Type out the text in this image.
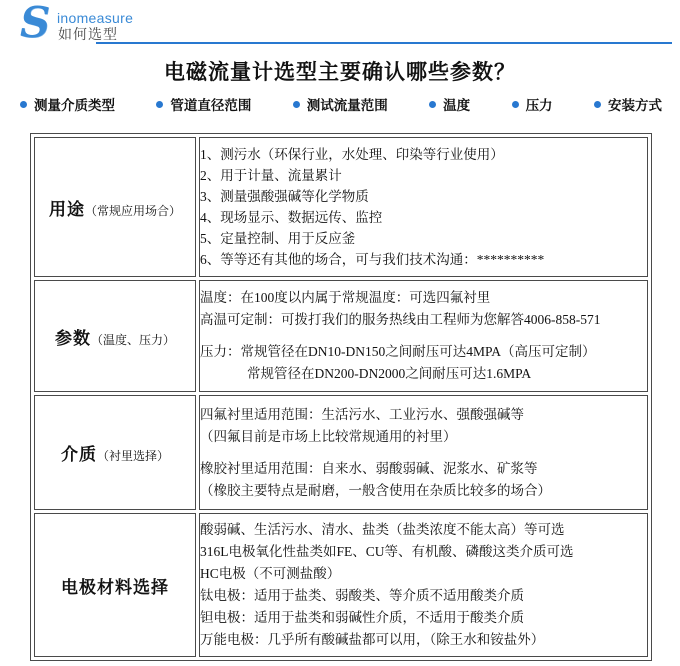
S inomeasure
如何选型
电磁流量计选型主要确认哪些参数？
测量介质类型	管道直径范围	测试流量范围	温度	压力	安装方式
用途（常规应用场合）	
1、测污水（环保行业，水处理、印染等行业使用）
2、用于计量、流量累计
3、测量强酸强碱等化学物质
4、现场显示、数据远传、监控
5、定量控制、用于反应釜
6、等等还有其他的场合，可与我们技术沟通：**********

参数（温度、压力）	温度：在100度以内属于常规温度：可选四氟衬里
高温可定制：可拨打我们的服务热线由工程师为您解答4006-858-571
压力：常规管径在DN10-DN150之间耐压可达4MPA（高压可定制）
常规管径在DN200-DN2000之间耐压可达1.6MPA

介质（衬里选择）	四氟衬里适用范围：生活污水、工业污水、强酸强碱等
（四氟目前是市场上比较常规通用的衬里）
橡胶衬里适用范围：自来水、弱酸弱碱、泥浆水、矿浆等
（橡胶主要特点是耐磨，一般含使用在杂质比较多的场合）

电极材料选择	
酸弱碱、生活污水、清水、盐类（盐类浓度不能太高）等可选
316L电极氧化性盐类如FE、CU等、有机酸、磷酸这类介质可选
HC电极（不可测盐酸）
钛电极：适用于盐类、弱酸类、等介质不适用酸类介质
钽电极：适用于盐类和弱碱性介质，不适用于酸类介质
万能电极：几乎所有酸碱盐都可以用，（除王水和铵盐外）
